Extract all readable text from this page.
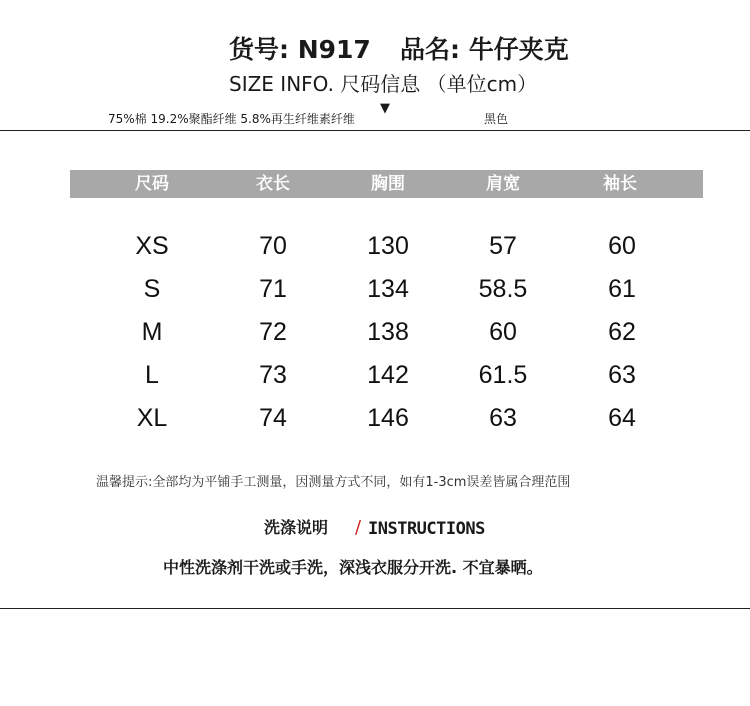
货号: N917 品名: 牛仔夹克
SIZE INFO. 尺码信息 （单位cm）
75%棉 19.2%聚酯纤维 5.8%再生纤维素纤维
▼
黑色
尺码	衣长	胸围	肩宽	袖长
XS	70	130	57	60
S	71	134	58.5	61
M	72	138	60	62
L	73	142	61.5	63
XL	74	146	63	64
温馨提示:全部均为平铺手工测量，因测量方式不同，如有1-3cm误差皆属合理范围
洗涤说明 / INSTRUCTIONS
中性洗涤剂干洗或手洗，深浅衣服分开洗. 不宜暴晒。
